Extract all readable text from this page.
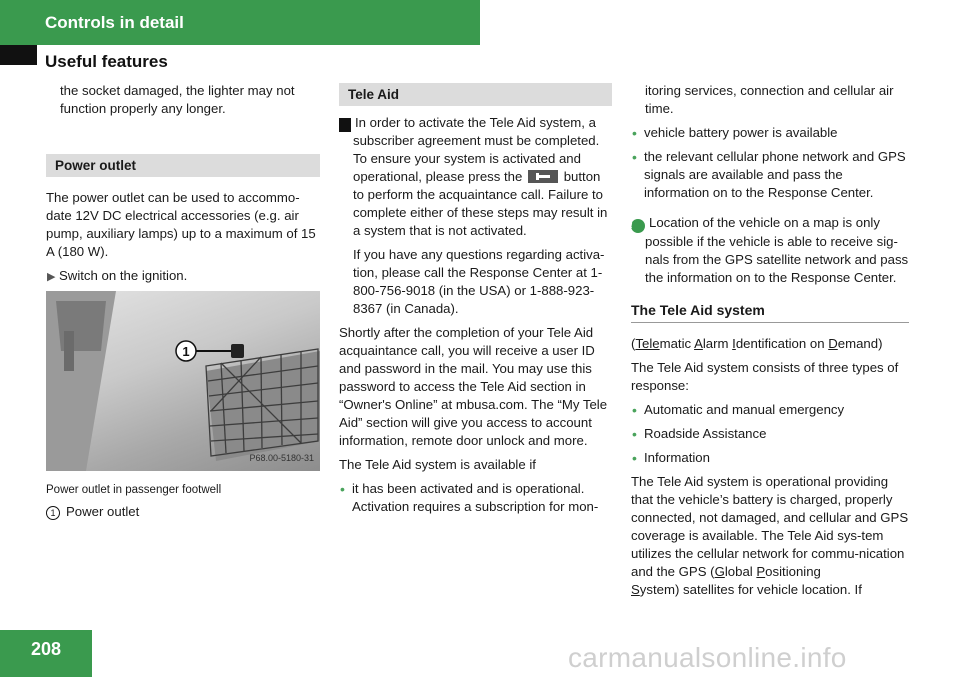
Controls in detail
Useful features

the socket damaged, the lighter may not function properly any longer.

Power outlet

The power outlet can be used to accommo-date 12V DC electrical accessories (e.g. air pump, auxiliary lamps) up to a maximum of 15 A (180 W).

▶ Switch on the ignition.

1
P68.00-5180-31
Power outlet in passenger footwell

1 Power outlet

Tele Aid

! In order to activate the Tele Aid system, a subscriber agreement must be completed. To ensure your system is activated and operational, please press the	button to perform the acquaintance call. Failure to complete either of these steps may result in a system that is not activated.

If you have any questions regarding activa-tion, please call the Response Center at 1-800-756-9018 (in the USA) or 1-888-923-8367 (in Canada).

Shortly after the completion of your Tele Aid acquaintance call, you will receive a user ID and password in the mail. You may use this password to access the Tele Aid section in “Owner's Online” at mbusa.com. The “My Tele Aid” section will give you access to account information, remote door unlock and more.

The Tele Aid system is available if

• it has been activated and is operational. Activation requires a subscription for mon-

itoring services, connection and cellular air time.

• vehicle battery power is available

• the relevant cellular phone network and GPS signals are available and pass the information on to the Response Center.

i Location of the vehicle on a map is only possible if the vehicle is able to receive sig-nals from the GPS satellite network and pass the information on to the Response Center.

The Tele Aid system

(Telematic Alarm Identification on Demand)

The Tele Aid system consists of three types of response:

• Automatic and manual emergency

• Roadside Assistance

• Information

The Tele Aid system is operational providing that the vehicle’s battery is charged, properly connected, not damaged, and cellular and GPS coverage is available. The Tele Aid sys-tem utilizes the cellular network for commu-nication and the GPS (Global Positioning
System) satellites for vehicle location. If

208	carmanualsonline.info
